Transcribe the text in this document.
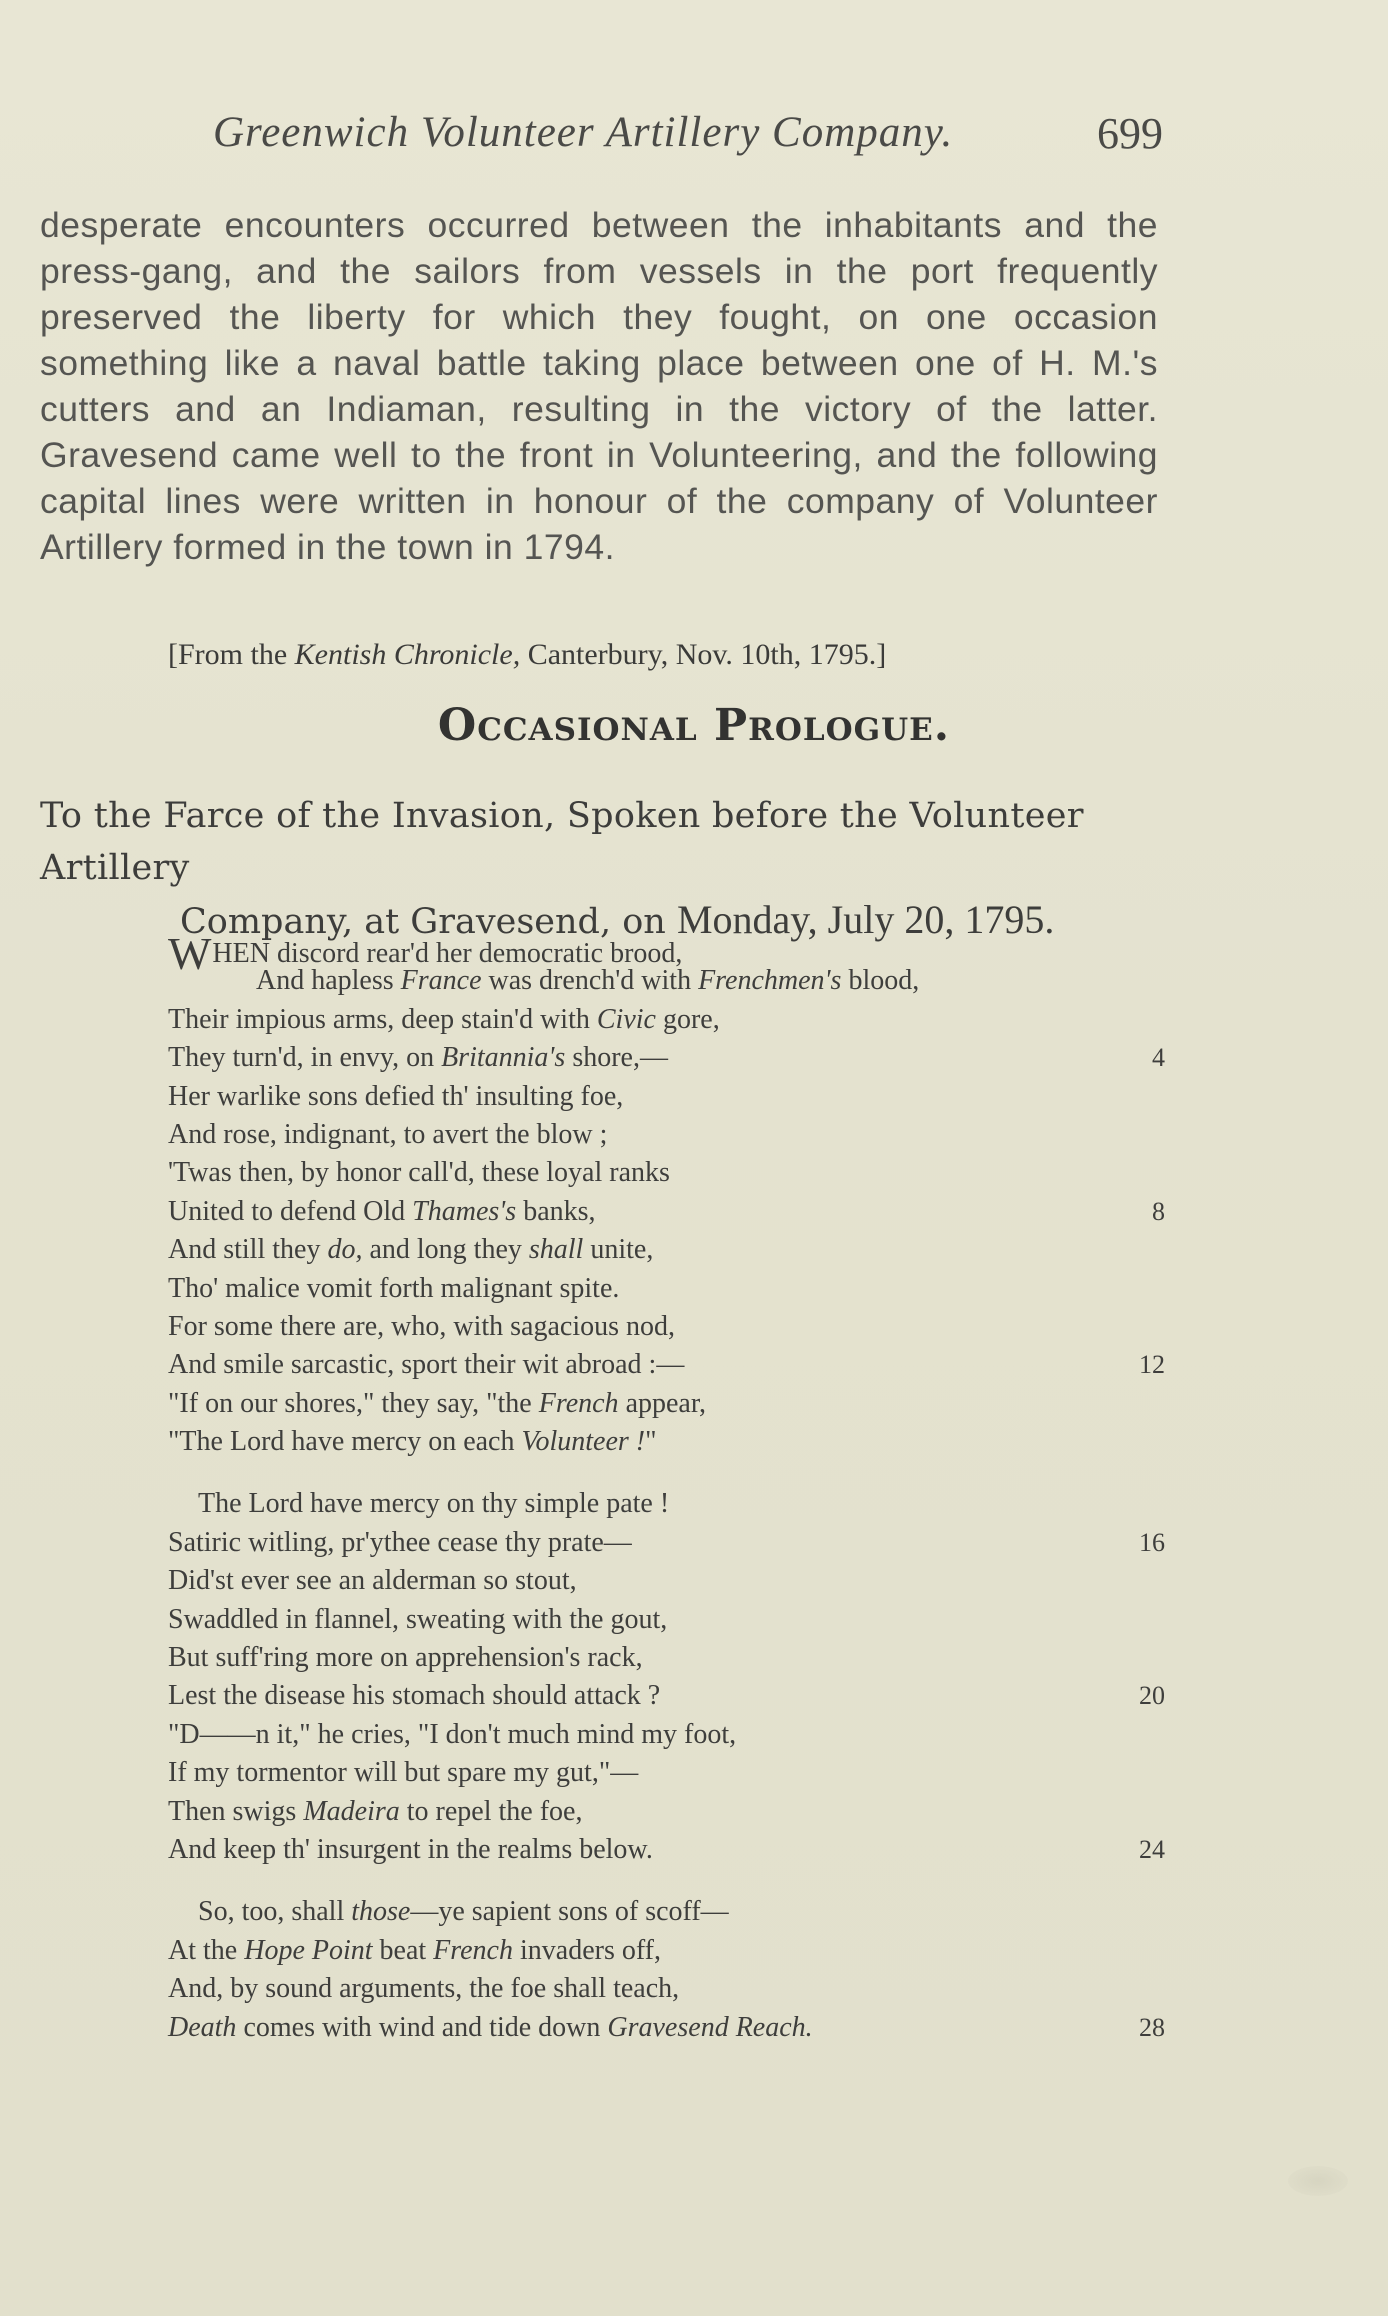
Greenwich Volunteer Artillery Company.	699

desperate encounters occurred between the inhabitants and the press-gang, and the sailors from vessels in the port frequently preserved the liberty for which they fought, on one occasion something like a naval battle taking place between one of H. M.'s cutters and an Indiaman, resulting in the victory of the latter. Gravesend came well to the front in Volunteering, and the following capital lines were written in honour of the company of Volunteer Artillery formed in the town in 1794.

[From the Kentish Chronicle, Canterbury, Nov. 10th, 1795.]
Occasional Prologue.
To the Farce of the Invasion, Spoken before the Volunteer Artillery
Company, at Gravesend, on Monday, July 20, 1795.
WHEN discord rear'd her democratic brood,
And hapless France was drench'd with Frenchmen's blood,
Their impious arms, deep stain'd with Civic gore,
They turn'd, in envy, on Britannia's shore,—	4
Her warlike sons defied th' insulting foe,
And rose, indignant, to avert the blow ;
'Twas then, by honor call'd, these loyal ranks
United to defend Old Thames's banks,	8
And still they do, and long they shall unite,
Tho' malice vomit forth malignant spite.
For some there are, who, with sagacious nod,
And smile sarcastic, sport their wit abroad :—	12
"If on our shores," they say, "the French appear,
"The Lord have mercy on each Volunteer !"
The Lord have mercy on thy simple pate !
Satiric witling, pr'ythee cease thy prate—	16
Did'st ever see an alderman so stout,
Swaddled in flannel, sweating with the gout,
But suff'ring more on apprehension's rack,
Lest the disease his stomach should attack ?	20
"D——n it," he cries, "I don't much mind my foot,
If my tormentor will but spare my gut,"—
Then swigs Madeira to repel the foe,
And keep th' insurgent in the realms below.	24
So, too, shall those—ye sapient sons of scoff—
At the Hope Point beat French invaders off,
And, by sound arguments, the foe shall teach,
Death comes with wind and tide down Gravesend Reach.	28
